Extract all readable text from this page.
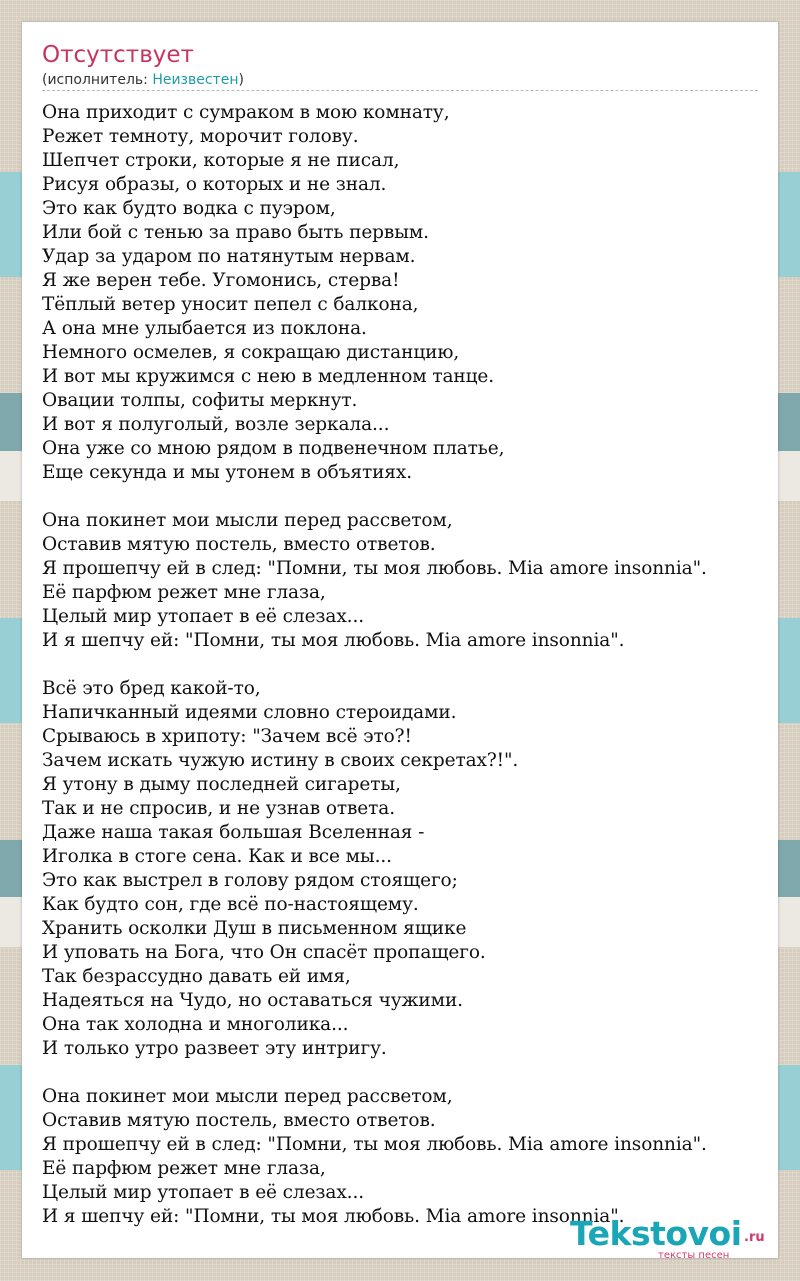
Отсутствует
(исполнитель: Неизвестен)
Она приходит с сумраком в мою комнату,
Режет темноту, морочит голову.
Шепчет строки, которые я не писал,
Рисуя образы, о которых и не знал.
Это как будто водка с пуэром,
Или бой с тенью за право быть первым.
Удар за ударом по натянутым нервам.
Я же верен тебе. Угомонись, стерва!
Тёплый ветер уносит пепел с балкона,
А она мне улыбается из поклона.
Немного осмелев, я сокращаю дистанцию,
И вот мы кружимся с нею в медленном танце.
Овации толпы, софиты меркнут.
И вот я полуголый, возле зеркала...
Она уже со мною рядом в подвенечном платье,
Еще секунда и мы утонем в объятиях.
Она покинет мои мысли перед рассветом,
Оставив мятую постель, вместо ответов.
Я прошепчу ей в след: "Помни, ты моя любовь. Mia amore insonnia".
Её парфюм режет мне глаза,
Целый мир утопает в её слезах...
И я шепчу ей: "Помни, ты моя любовь. Mia amore insonnia".
Всё это бред какой-то,
Напичканный идеями словно стероидами.
Срываюсь в хрипоту: "Зачем всё это?!
Зачем искать чужую истину в своих секретах?!".
Я утону в дыму последней сигареты,
Так и не спросив, и не узнав ответа.
Даже наша такая большая Вселенная -
Иголка в стоге сена. Как и все мы...
Это как выстрел в голову рядом стоящего;
Как будто сон, где всё по-настоящему.
Хранить осколки Душ в письменном ящике
И уповать на Бога, что Он спасёт пропащего.
Так безрассудно давать ей имя,
Надеяться на Чудо, но оставаться чужими.
Она так холодна и многолика...
И только утро развеет эту интригу.
Она покинет мои мысли перед рассветом,
Оставив мятую постель, вместо ответов.
Я прошепчу ей в след: "Помни, ты моя любовь. Mia amore insonnia".
Её парфюм режет мне глаза,
Целый мир утопает в её слезах...
И я шепчу ей: "Помни, ты моя любовь. Mia amore insonnia".
Tekstovoi .ru
тексты песен
